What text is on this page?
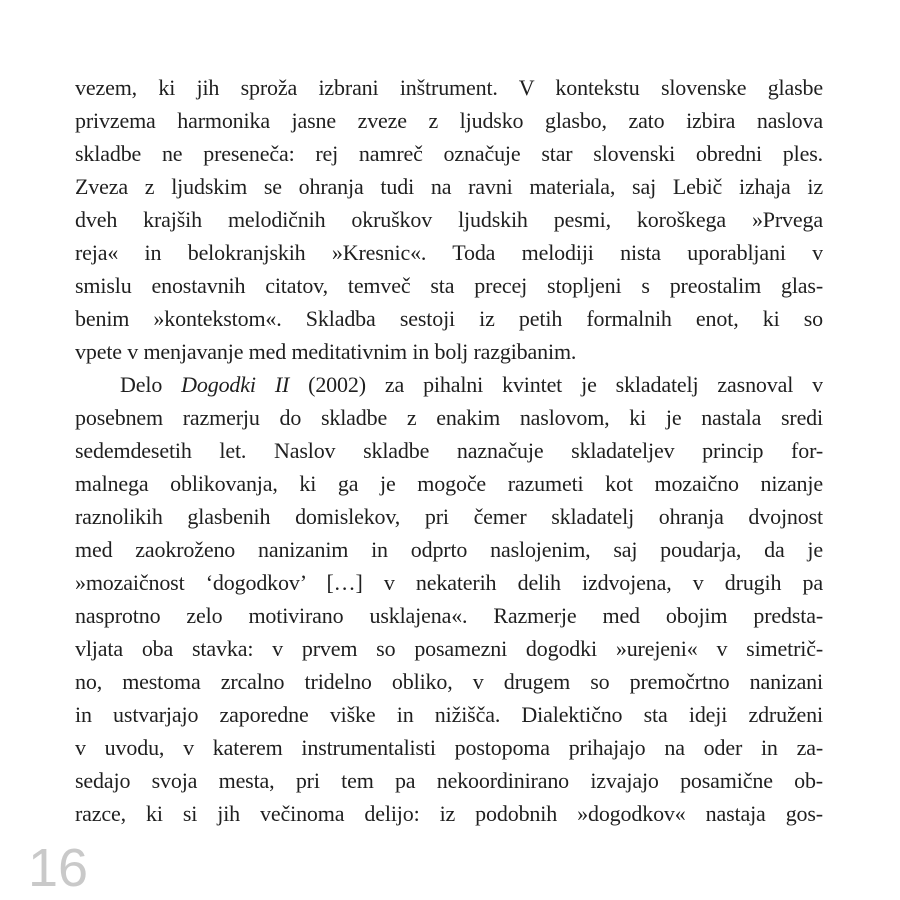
vezem, ki jih sproža izbrani inštrument. V kontekstu slovenske glasbe
privzema harmonika jasne zveze z ljudsko glasbo, zato izbira naslova
skladbe ne preseneča: rej namreč označuje star slovenski obredni ples.
Zveza z ljudskim se ohranja tudi na ravni materiala, saj Lebič izhaja iz
dveh krajših melodičnih okruškov ljudskih pesmi, koroškega »Prvega
reja« in belokranjskih »Kresnic«. Toda melodiji nista uporabljani v
smislu enostavnih citatov, temveč sta precej stopljeni s preostalim glas-
benim »kontekstom«. Skladba sestoji iz petih formalnih enot, ki so
vpete v menjavanje med meditativnim in bolj razgibanim.
Delo Dogodki II (2002) za pihalni kvintet je skladatelj zasnoval v
posebnem razmerju do skladbe z enakim naslovom, ki je nastala sredi
sedemdesetih let. Naslov skladbe naznačuje skladateljev princip for-
malnega oblikovanja, ki ga je mogoče razumeti kot mozaično nizanje
raznolikih glasbenih domislekov, pri čemer skladatelj ohranja dvojnost
med zaokroženo nanizanim in odprto naslojenim, saj poudarja, da je
»mozaičnost ‘dogodkov’ […] v nekaterih delih izdvojena, v drugih pa
nasprotno zelo motivirano usklajena«. Razmerje med obojim predsta-
vljata oba stavka: v prvem so posamezni dogodki »urejeni« v simetrič-
no, mestoma zrcalno tridelno obliko, v drugem so premočrtno nanizani
in ustvarjajo zaporedne viške in nižišča. Dialektično sta ideji združeni
v uvodu, v katerem instrumentalisti postopoma prihajajo na oder in za-
sedajo svoja mesta, pri tem pa nekoordinirano izvajajo posamične ob-
razce, ki si jih večinoma delijo: iz podobnih »dogodkov« nastaja gos-
16
